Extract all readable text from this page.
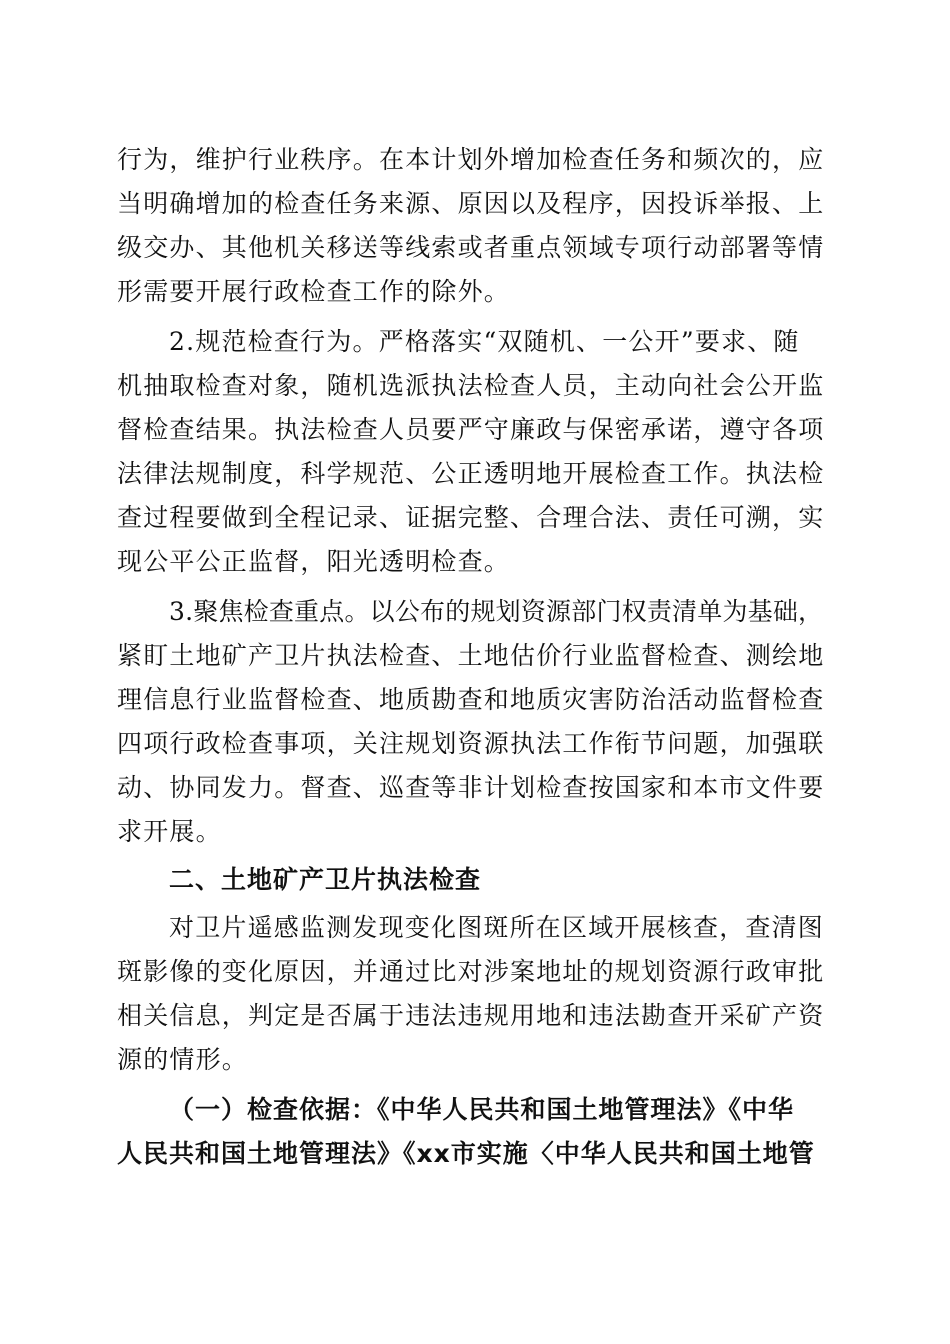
行为，维护行业秩序。在本计划外增加检查任务和频次的，应
当明确增加的检查任务来源、原因以及程序，因投诉举报、上
级交办、其他机关移送等线索或者重点领域专项行动部署等情
形需要开展行政检查工作的除外。
2.规范检查行为。严格落实“双随机、一公开”要求、随
机抽取检查对象，随机选派执法检查人员，主动向社会公开监
督检查结果。执法检查人员要严守廉政与保密承诺，遵守各项
法律法规制度，科学规范、公正透明地开展检查工作。执法检
查过程要做到全程记录、证据完整、合理合法、责任可溯，实
现公平公正监督，阳光透明检查。
3.聚焦检查重点。以公布的规划资源部门权责清单为基础，
紧盯土地矿产卫片执法检查、土地估价行业监督检查、测绘地
理信息行业监督检查、地质勘查和地质灾害防治活动监督检查
四项行政检查事项，关注规划资源执法工作衔节问题，加强联
动、协同发力。督查、巡查等非计划检查按国家和本市文件要
求开展。
二、土地矿产卫片执法检查
对卫片遥感监测发现变化图斑所在区域开展核查，查清图
斑影像的变化原因，并通过比对涉案地址的规划资源行政审批
相关信息，判定是否属于违法违规用地和违法勘查开采矿产资
源的情形。
（一）检查依据：《中华人民共和国土地管理法》《中华
人民共和国土地管理法》《xx市实施〈中华人民共和国土地管
